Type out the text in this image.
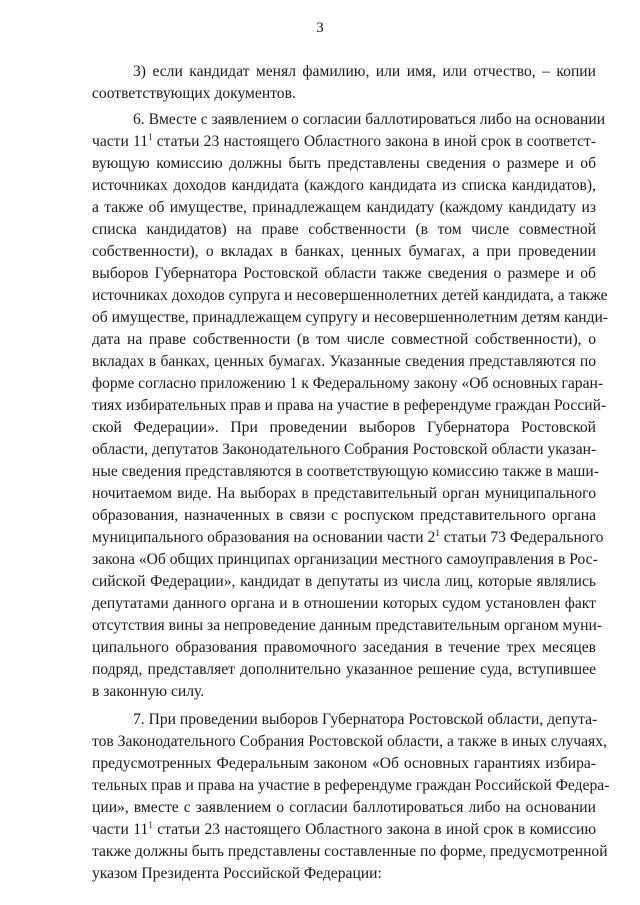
3
3) если кандидат менял фамилию, или имя, или отчество, – копии
соответствующих документов.
6. Вместе с заявлением о согласии баллотироваться либо на основании
части $11^1$ статьи 23 настоящего Областного закона в иной срок в соответст-
вующую комиссию должны быть представлены сведения о размере и об
источниках доходов кандидата (каждого кандидата из списка кандидатов),
а также об имуществе, принадлежащем кандидату (каждому кандидату из
списка кандидатов) на праве собственности (в том числе совместной
собственности), о вкладах в банках, ценных бумагах, а при проведении
выборов Губернатора Ростовской области также сведения о размере и об
источниках доходов супруга и несовершеннолетних детей кандидата, а также
об имуществе, принадлежащем супругу и несовершеннолетним детям канди-
дата на праве собственности (в том числе совместной собственности), о
вкладах в банках, ценных бумагах. Указанные сведения представляются по
форме согласно приложению 1 к Федеральному закону «Об основных гаран-
тиях избирательных прав и права на участие в референдуме граждан Россий-
ской Федерации». При проведении выборов Губернатора Ростовской
области, депутатов Законодательного Собрания Ростовской области указан-
ные сведения представляются в соответствующую комиссию также в маши-
ночитаемом виде. На выборах в представительный орган муниципального
образования, назначенных в связи с роспуском представительного органа
муниципального образования на основании части $2^1$ статьи 73 Федерального
закона «Об общих принципах организации местного самоуправления в Рос-
сийской Федерации», кандидат в депутаты из числа лиц, которые являлись
депутатами данного органа и в отношении которых судом установлен факт
отсутствия вины за непроведение данным представительным органом муни-
ципального образования правомочного заседания в течение трех месяцев
подряд, представляет дополнительно указанное решение суда, вступившее
в законную силу.
7. При проведении выборов Губернатора Ростовской области, депута-
тов Законодательного Собрания Ростовской области, а также в иных случаях,
предусмотренных Федеральным законом «Об основных гарантиях избира-
тельных прав и права на участие в референдуме граждан Российской Федера-
ции», вместе с заявлением о согласии баллотироваться либо на основании
части $11^1$ статьи 23 настоящего Областного закона в иной срок в комиссию
также должны быть представлены составленные по форме, предусмотренной
указом Президента Российской Федерации:
